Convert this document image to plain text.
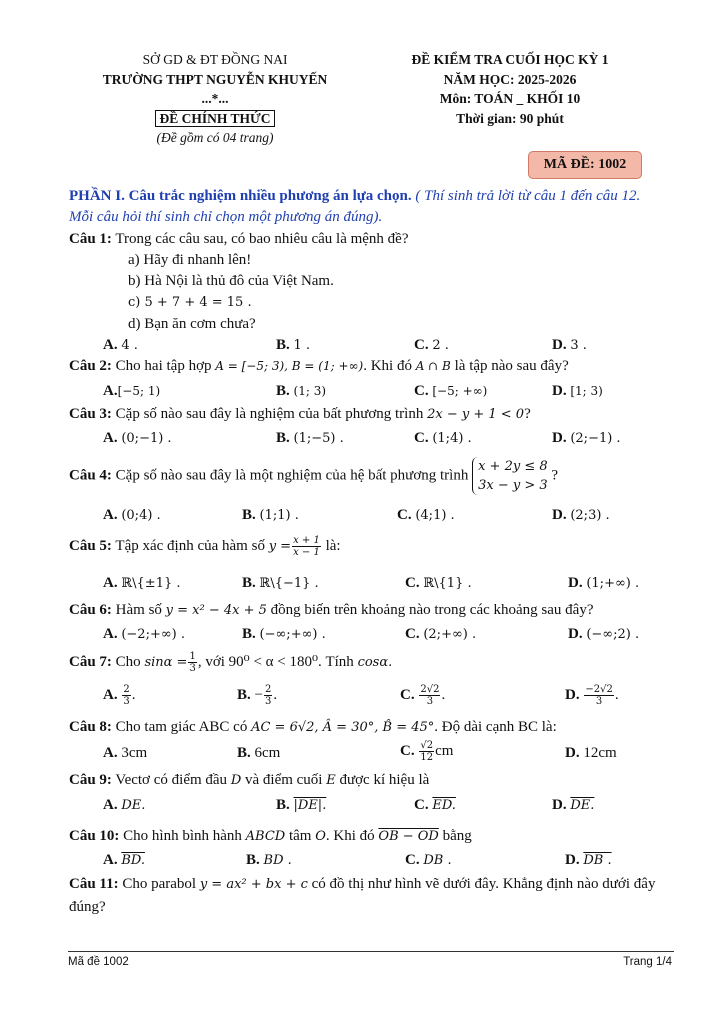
SỞ GD & ĐT ĐỒNG NAI
TRƯỜNG THPT NGUYỄN KHUYẾN
...*...
ĐỀ CHÍNH THỨC
(Đề gồm có 04 trang)
ĐỀ KIỂM TRA CUỐI HỌC KỲ 1
NĂM HỌC: 2025-2026
Môn: TOÁN _ KHỐI 10
Thời gian: 90 phút
MÃ ĐỀ: 1002
PHẦN I. Câu trắc nghiệm nhiều phương án lựa chọn. ( Thí sinh trả lời từ câu 1 đến câu 12.
Mỗi câu hỏi thí sinh chỉ chọn một phương án đúng).
Câu 1: Trong các câu sau, có bao nhiêu câu là mệnh đề?
a) Hãy đi nhanh lên!
b) Hà Nội là thủ đô của Việt Nam.
c) 5 + 7 + 4 = 15 .
d) Bạn ăn cơm chưa?
A. 4 .	B. 1 .	C. 2 .	D. 3 .
Câu 2: Cho hai tập hợp A = [−5; 3), B = (1; +∞). Khi đó A ∩ B là tập nào sau đây?
A.[−5; 1)	B. (1; 3)	C. [−5; +∞)	D. [1; 3)
Câu 3: Cặp số nào sau đây là nghiệm của bất phương trình 2x − y + 1 < 0?
A. (0;−1) .	B. (1;−5) .	C. (1;4) .	D. (2;−1) .
Câu 4: Cặp số nào sau đây là một nghiệm của hệ bất phương trình
x + 2y ≤ 8
3x − y > 3
?
A. (0;4) .	B. (1;1) .	C. (4;1) .	D. (2;3) .
Câu 5: Tập xác định của hàm số $y = \frac{x + 1}{x - 1}$ là:
A. ℝ\{±1} .	B. ℝ\{−1} .	C. ℝ\{1} .	D. (1;+∞) .
Câu 6: Hàm số y = x² − 4x + 5 đồng biến trên khoảng nào trong các khoảng sau đây?
A. (−2;+∞) .	B. (−∞;+∞) .	C. (2;+∞) .	D. (−∞;2) .
Câu 7: Cho $\sin\alpha = \frac{1}{3}$ , với 90⁰ < α < 180⁰. Tính cosα.
A. $\frac{2}{3}$ .	B. − $\frac{2}{3}$ .	C. $\frac{2√2}{3}$ .	D. $\frac{-2√2}{3}$ .
Câu 8: Cho tam giác ABC có AC = 6√2, Â = 30°, B̂ = 45°. Độ dài cạnh BC là:
A. 3cm	B. 6cm	C. $\frac{√2}{12}$ cm	D. 12cm
Câu 9: Vectơ có điểm đầu D và điểm cuối E được kí hiệu là
A. DE.	B. |DE|.	C. ED.	D. DE.
Câu 10: Cho hình bình hành ABCD tâm O. Khi đó OB − OD bằng
A. BD.	B. BD .	C. DB .	D. DB .
Câu 11: Cho parabol y = ax² + bx + c có đồ thị như hình vẽ dưới đây. Khẳng định nào dưới đây
đúng?
Mã đề 1002	Trang 1/4
